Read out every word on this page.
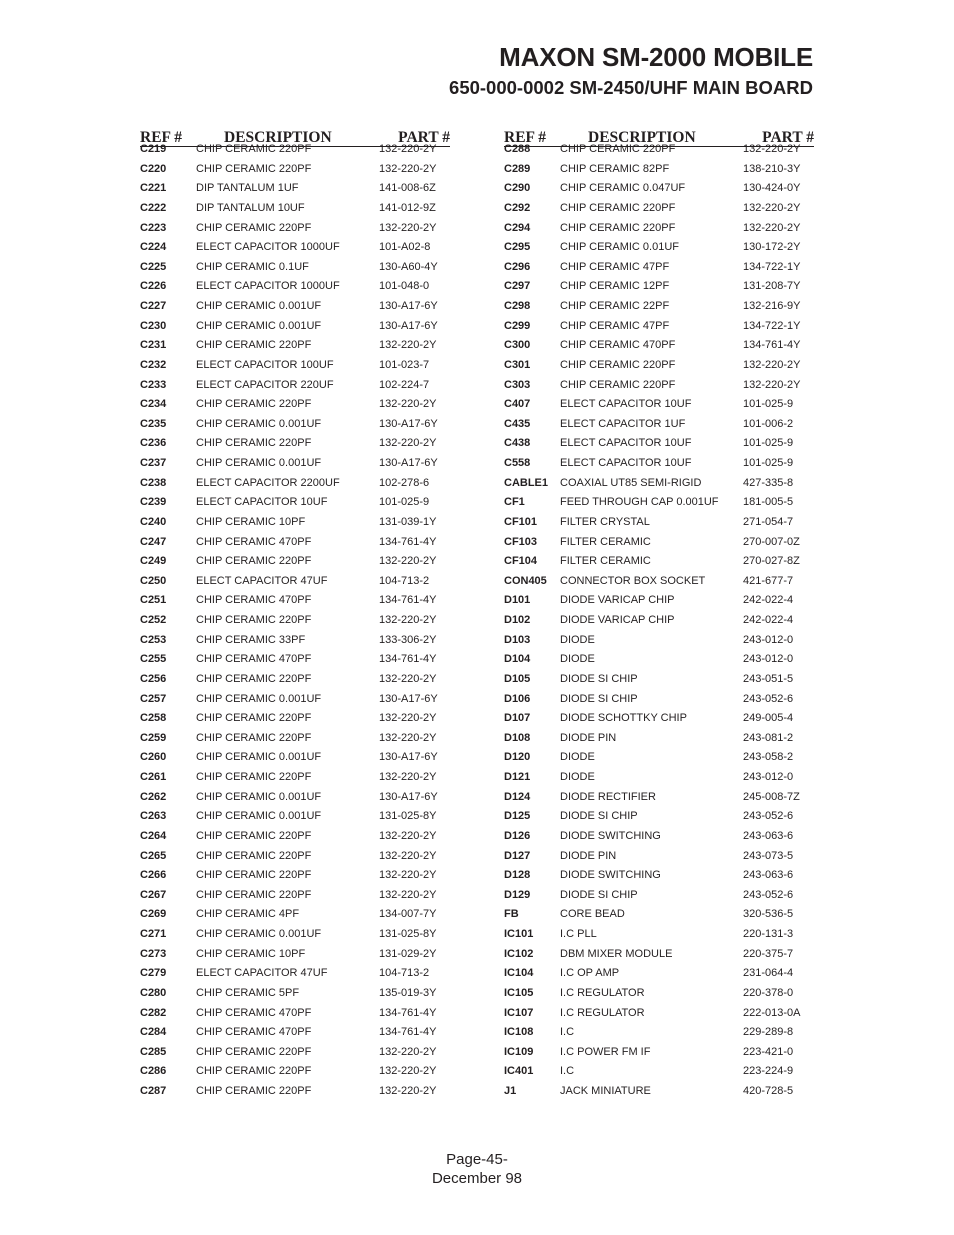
MAXON SM-2000 MOBILE
650-000-0002 SM-2450/UHF MAIN BOARD
REF #	DESCRIPTION	PART #
C219	CHIP CERAMIC 220PF	132-220-2Y
C220	CHIP CERAMIC 220PF	132-220-2Y
C221	DIP TANTALUM 1UF	141-008-6Z
C222	DIP TANTALUM 10UF	141-012-9Z
C223	CHIP CERAMIC 220PF	132-220-2Y
C224	ELECT CAPACITOR 1000UF	101-A02-8
C225	CHIP CERAMIC 0.1UF	130-A60-4Y
C226	ELECT CAPACITOR 1000UF	101-048-0
C227	CHIP CERAMIC 0.001UF	130-A17-6Y
C230	CHIP CERAMIC 0.001UF	130-A17-6Y
C231	CHIP CERAMIC 220PF	132-220-2Y
C232	ELECT CAPACITOR 100UF	101-023-7
C233	ELECT CAPACITOR 220UF	102-224-7
C234	CHIP CERAMIC 220PF	132-220-2Y
C235	CHIP CERAMIC 0.001UF	130-A17-6Y
C236	CHIP CERAMIC 220PF	132-220-2Y
C237	CHIP CERAMIC 0.001UF	130-A17-6Y
C238	ELECT CAPACITOR 2200UF	102-278-6
C239	ELECT CAPACITOR 10UF	101-025-9
C240	CHIP CERAMIC 10PF	131-039-1Y
C247	CHIP CERAMIC 470PF	134-761-4Y
C249	CHIP CERAMIC 220PF	132-220-2Y
C250	ELECT CAPACITOR 47UF	104-713-2
C251	CHIP CERAMIC 470PF	134-761-4Y
C252	CHIP CERAMIC 220PF	132-220-2Y
C253	CHIP CERAMIC 33PF	133-306-2Y
C255	CHIP CERAMIC 470PF	134-761-4Y
C256	CHIP CERAMIC 220PF	132-220-2Y
C257	CHIP CERAMIC 0.001UF	130-A17-6Y
C258	CHIP CERAMIC 220PF	132-220-2Y
C259	CHIP CERAMIC 220PF	132-220-2Y
C260	CHIP CERAMIC 0.001UF	130-A17-6Y
C261	CHIP CERAMIC 220PF	132-220-2Y
C262	CHIP CERAMIC 0.001UF	130-A17-6Y
C263	CHIP CERAMIC 0.001UF	131-025-8Y
C264	CHIP CERAMIC 220PF	132-220-2Y
C265	CHIP CERAMIC 220PF	132-220-2Y
C266	CHIP CERAMIC 220PF	132-220-2Y
C267	CHIP CERAMIC 220PF	132-220-2Y
C269	CHIP CERAMIC 4PF	134-007-7Y
C271	CHIP CERAMIC 0.001UF	131-025-8Y
C273	CHIP CERAMIC 10PF	131-029-2Y
C279	ELECT CAPACITOR 47UF	104-713-2
C280	CHIP CERAMIC 5PF	135-019-3Y
C282	CHIP CERAMIC 470PF	134-761-4Y
C284	CHIP CERAMIC 470PF	134-761-4Y
C285	CHIP CERAMIC 220PF	132-220-2Y
C286	CHIP CERAMIC 220PF	132-220-2Y
C287	CHIP CERAMIC 220PF	132-220-2Y
REF #	DESCRIPTION	PART #
C288	CHIP CERAMIC 220PF	132-220-2Y
C289	CHIP CERAMIC 82PF	138-210-3Y
C290	CHIP CERAMIC 0.047UF	130-424-0Y
C292	CHIP CERAMIC 220PF	132-220-2Y
C294	CHIP CERAMIC 220PF	132-220-2Y
C295	CHIP CERAMIC 0.01UF	130-172-2Y
C296	CHIP CERAMIC 47PF	134-722-1Y
C297	CHIP CERAMIC 12PF	131-208-7Y
C298	CHIP CERAMIC 22PF	132-216-9Y
C299	CHIP CERAMIC 47PF	134-722-1Y
C300	CHIP CERAMIC 470PF	134-761-4Y
C301	CHIP CERAMIC 220PF	132-220-2Y
C303	CHIP CERAMIC 220PF	132-220-2Y
C407	ELECT CAPACITOR 10UF	101-025-9
C435	ELECT CAPACITOR 1UF	101-006-2
C438	ELECT CAPACITOR 10UF	101-025-9
C558	ELECT CAPACITOR 10UF	101-025-9
CABLE1 COAXIAL UT85 SEMI-RIGID	427-335-8
CF1	FEED THROUGH CAP 0.001UF 181-005-5
CF101 FILTER CRYSTAL	271-054-7
CF103 FILTER CERAMIC	270-007-0Z
CF104 FILTER CERAMIC	270-027-8Z
CON405 CONNECTOR BOX SOCKET	421-677-7
D101	DIODE VARICAP CHIP	242-022-4
D102	DIODE VARICAP CHIP	242-022-4
D103	DIODE	243-012-0
D104	DIODE	243-012-0
D105	DIODE SI CHIP	243-051-5
D106	DIODE SI CHIP	243-052-6
D107	DIODE SCHOTTKY CHIP	249-005-4
D108	DIODE PIN	243-081-2
D120	DIODE	243-058-2
D121	DIODE	243-012-0
D124	DIODE RECTIFIER	245-008-7Z
D125	DIODE SI CHIP	243-052-6
D126	DIODE SWITCHING	243-063-6
D127	DIODE PIN	243-073-5
D128	DIODE SWITCHING	243-063-6
D129	DIODE SI CHIP	243-052-6
FB	CORE BEAD	320-536-5
IC101 I.C PLL	220-131-3
IC102 DBM MIXER MODULE	220-375-7
IC104 I.C OP AMP	231-064-4
IC105 I.C REGULATOR	220-378-0
IC107 I.C REGULATOR	222-013-0A
IC108 I.C	229-289-8
IC109 I.C POWER FM IF	223-421-0
IC401 I.C	223-224-9
J1	JACK MINIATURE	420-728-5
Page-45-
December 98
